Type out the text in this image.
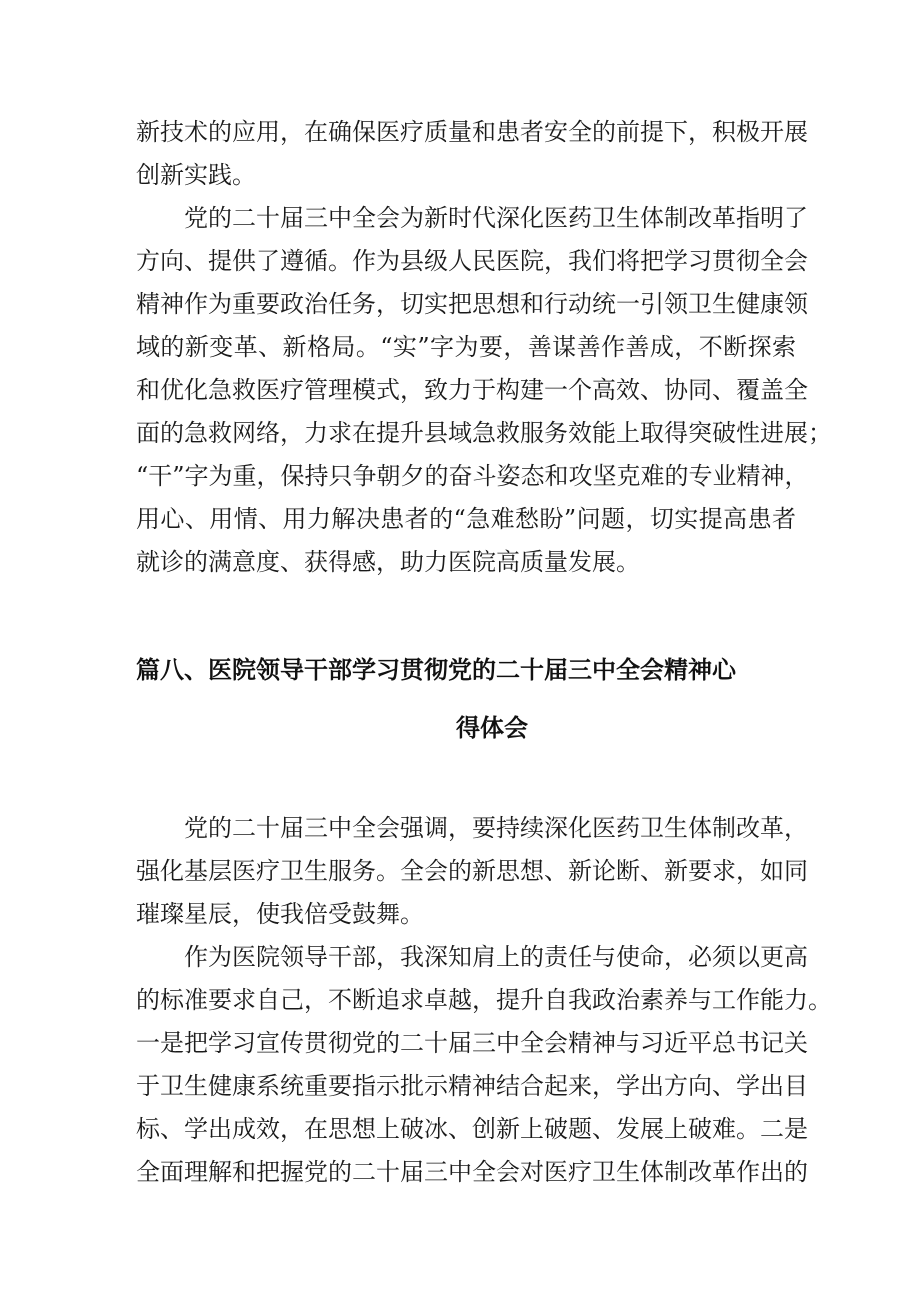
新技术的应用，在确保医疗质量和患者安全的前提下，积极开展

创新实践。

党的二十届三中全会为新时代深化医药卫生体制改革指明了

方向、提供了遵循。作为县级人民医院，我们将把学习贯彻全会

精神作为重要政治任务，切实把思想和行动统一引领卫生健康领

域的新变革、新格局。“实”字为要，善谋善作善成，不断探索

和优化急救医疗管理模式，致力于构建一个高效、协同、覆盖全

面的急救网络，力求在提升县域急救服务效能上取得突破性进展；

“干”字为重，保持只争朝夕的奋斗姿态和攻坚克难的专业精神，

用心、用情、用力解决患者的“急难愁盼”问题，切实提高患者

就诊的满意度、获得感，助力医院高质量发展。

篇八、医院领导干部学习贯彻党的二十届三中全会精神心
得体会

党的二十届三中全会强调，要持续深化医药卫生体制改革，

强化基层医疗卫生服务。全会的新思想、新论断、新要求，如同

璀璨星辰，使我倍受鼓舞。

作为医院领导干部，我深知肩上的责任与使命，必须以更高

的标准要求自己，不断追求卓越，提升自我政治素养与工作能力。

一是把学习宣传贯彻党的二十届三中全会精神与习近平总书记关

于卫生健康系统重要指示批示精神结合起来，学出方向、学出目

标、学出成效，在思想上破冰、创新上破题、发展上破难。二是

全面理解和把握党的二十届三中全会对医疗卫生体制改革作出的
